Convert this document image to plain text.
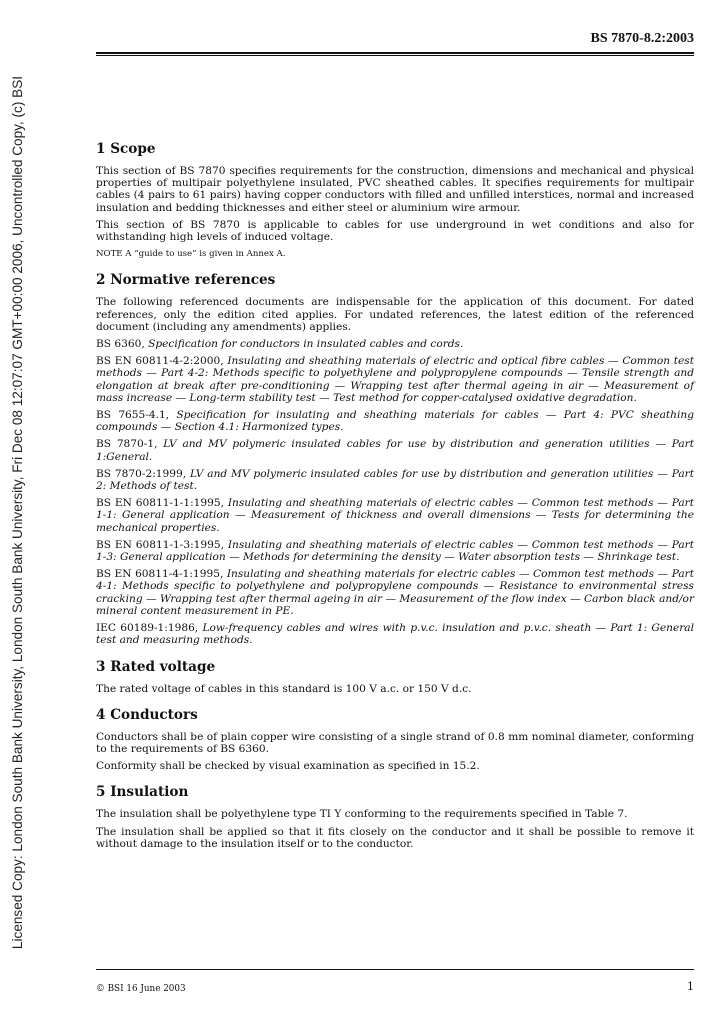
Licensed Copy: London South Bank University, London South Bank University, Fri Dec 08 12:07:07 GMT+00:00 2006, Uncontrolled Copy, (c) BSI
BS 7870-8.2:2003
1 Scope

This section of BS 7870 specifies requirements for the construction, dimensions and mechanical and physical properties of multipair polyethylene insulated, PVC sheathed cables. It specifies requirements for multipair cables (4 pairs to 61 pairs) having copper conductors with filled and unfilled interstices, normal and increased insulation and bedding thicknesses and either steel or aluminium wire armour.

This section of BS 7870 is applicable to cables for use underground in wet conditions and also for withstanding high levels of induced voltage.

NOTE A “guide to use” is given in Annex A.

2 Normative references

The following referenced documents are indispensable for the application of this document. For dated references, only the edition cited applies. For undated references, the latest edition of the referenced document (including any amendments) applies.

BS 6360, Specification for conductors in insulated cables and cords.

BS EN 60811-4-2:2000, Insulating and sheathing materials of electric and optical fibre cables — Common test methods — Part 4-2: Methods specific to polyethylene and polypropylene compounds — Tensile strength and elongation at break after pre-conditioning — Wrapping test after thermal ageing in air — Measurement of mass increase — Long-term stability test — Test method for copper-catalysed oxidative degradation.

BS 7655-4.1, Specification for insulating and sheathing materials for cables — Part 4: PVC sheathing compounds — Section 4.1: Harmonized types.

BS 7870-1, LV and MV polymeric insulated cables for use by distribution and generation utilities — Part 1:General.

BS 7870-2:1999, LV and MV polymeric insulated cables for use by distribution and generation utilities — Part 2: Methods of test.

BS EN 60811-1-1:1995, Insulating and sheathing materials of electric cables — Common test methods — Part 1-1: General application — Measurement of thickness and overall dimensions — Tests for determining the mechanical properties.

BS EN 60811-1-3:1995, Insulating and sheathing materials of electric cables — Common test methods — Part 1-3: General application — Methods for determining the density — Water absorption tests — Shrinkage test.

BS EN 60811-4-1:1995, Insulating and sheathing materials for electric cables — Common test methods — Part 4-1: Methods specific to polyethylene and polypropylene compounds — Resistance to environmental stress cracking — Wrapping test after thermal ageing in air — Measurement of the flow index — Carbon black and/or mineral content measurement in PE.

IEC 60189-1:1986, Low-frequency cables and wires with p.v.c. insulation and p.v.c. sheath — Part 1: General test and measuring methods.

3 Rated voltage

The rated voltage of cables in this standard is 100 V a.c. or 150 V d.c.

4 Conductors

Conductors shall be of plain copper wire consisting of a single strand of 0.8 mm nominal diameter, conforming to the requirements of BS 6360.

Conformity shall be checked by visual examination as specified in 15.2.

5 Insulation

The insulation shall be polyethylene type TI Y conforming to the requirements specified in Table 7.

The insulation shall be applied so that it fits closely on the conductor and it shall be possible to remove it without damage to the insulation itself or to the conductor.

© BSI 16 June 2003	1
